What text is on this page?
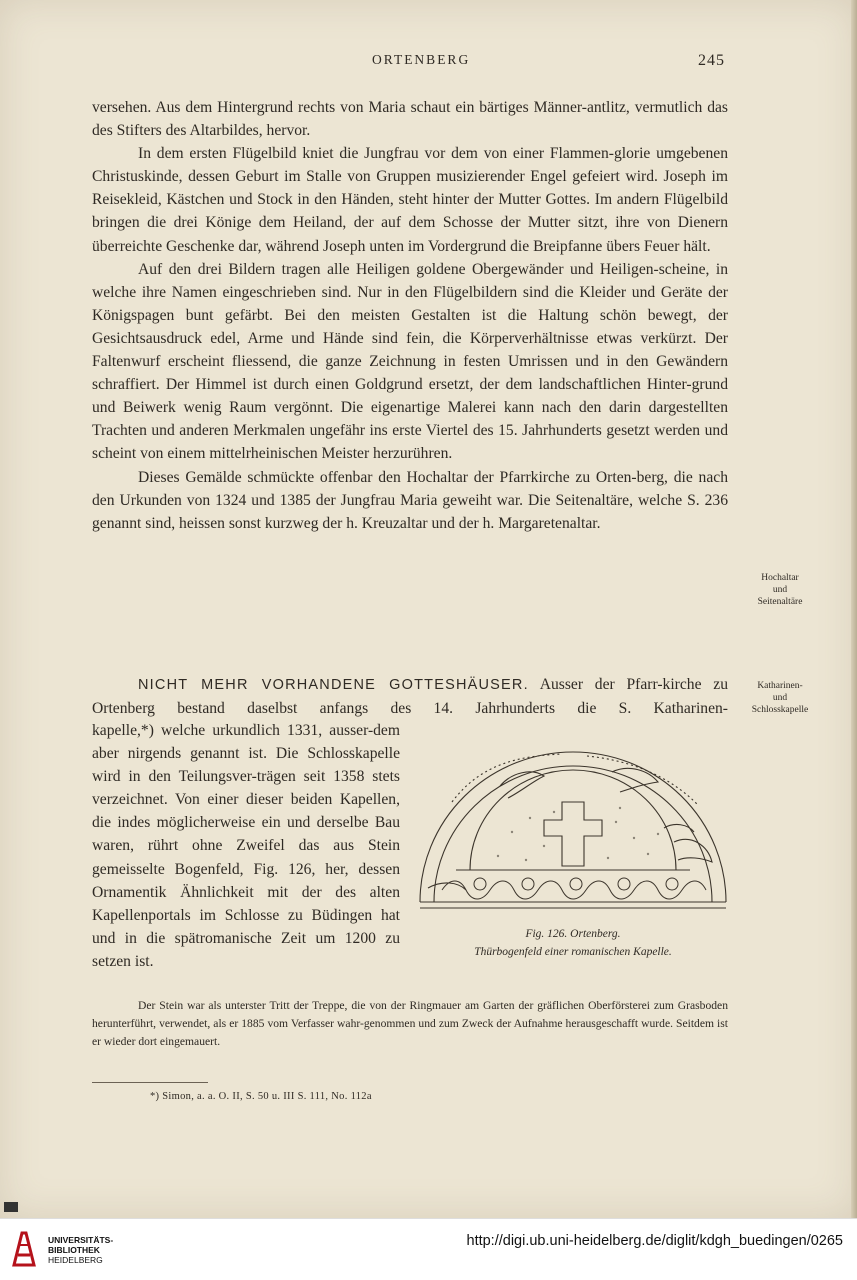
ORTENBERG	245

versehen. Aus dem Hintergrund rechts von Maria schaut ein bärtiges Männer-antlitz, vermutlich das des Stifters des Altarbildes, hervor.

In dem ersten Flügelbild kniet die Jungfrau vor dem von einer Flammen-glorie umgebenen Christuskinde, dessen Geburt im Stalle von Gruppen musizierender Engel gefeiert wird. Joseph im Reisekleid, Kästchen und Stock in den Händen, steht hinter der Mutter Gottes. Im andern Flügelbild bringen die drei Könige dem Heiland, der auf dem Schosse der Mutter sitzt, ihre von Dienern überreichte Geschenke dar, während Joseph unten im Vordergrund die Breipfanne übers Feuer hält.

Auf den drei Bildern tragen alle Heiligen goldene Obergewänder und Heiligen-scheine, in welche ihre Namen eingeschrieben sind. Nur in den Flügelbildern sind die Kleider und Geräte der Königspagen bunt gefärbt. Bei den meisten Gestalten ist die Haltung schön bewegt, der Gesichtsausdruck edel, Arme und Hände sind fein, die Körperverhältnisse etwas verkürzt. Der Faltenwurf erscheint fliessend, die ganze Zeichnung in festen Umrissen und in den Gewändern schraffiert. Der Himmel ist durch einen Goldgrund ersetzt, der dem landschaftlichen Hinter-grund und Beiwerk wenig Raum vergönnt. Die eigenartige Malerei kann nach den darin dargestellten Trachten und anderen Merkmalen ungefähr ins erste Viertel des 15. Jahrhunderts gesetzt werden und scheint von einem mittelrheinischen Meister herzurühren.

Dieses Gemälde schmückte offenbar den Hochaltar der Pfarrkirche zu Orten-berg, die nach den Urkunden von 1324 und 1385 der Jungfrau Maria geweiht war. Die Seitenaltäre, welche S. 236 genannt sind, heissen sonst kurzweg der h. Kreuzaltar und der h. Margaretenaltar.

Hochaltar
und
Seitenaltäre
Katharinen-
und
Schlosskapelle

NICHT MEHR VORHANDENE GOTTESHÄUSER. Ausser der Pfarr-kirche zu Ortenberg bestand daselbst anfangs des 14. Jahrhunderts die S. Katharinen-

kapelle,*) welche urkundlich 1331, ausser-dem aber nirgends genannt ist. Die Schlosskapelle wird in den Teilungsver-trägen seit 1358 stets verzeichnet. Von einer dieser beiden Kapellen, die indes möglicherweise ein und derselbe Bau waren, rührt ohne Zweifel das aus Stein gemeisselte Bogenfeld, Fig. 126, her, dessen Ornamentik Ähnlichkeit mit der des alten Kapellenportals im Schlosse zu Büdingen hat und in die spätromanische Zeit um 1200 zu setzen ist.

Fig. 126. Ortenberg.
Thürbogenfeld einer romanischen Kapelle.

Der Stein war als unterster Tritt der Treppe, die von der Ringmauer am Garten der gräflichen Oberförsterei zum Grasboden herunterführt, verwendet, als er 1885 vom Verfasser wahr-genommen und zum Zweck der Aufnahme herausgeschafft wurde. Seitdem ist er wieder dort eingemauert.

*) Simon, a. a. O. II, S. 50 u. III S. 111, No. 112a
UNIVERSITÄTS-
BIBLIOTHEK
HEIDELBERG
http://digi.ub.uni-heidelberg.de/diglit/kdgh_buedingen/0265
